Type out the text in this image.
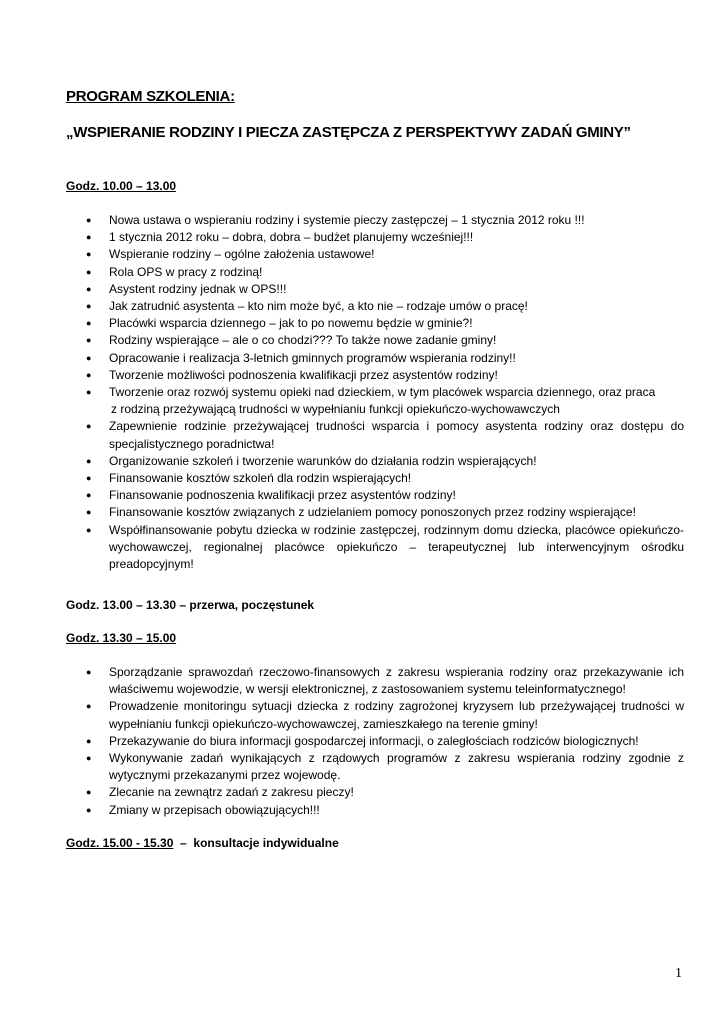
PROGRAM SZKOLENIA:
„WSPIERANIE RODZINY I PIECZA ZASTĘPCZA Z PERSPEKTYWY ZADAŃ GMINY”
Godz. 10.00 – 13.00
● Nowa ustawa o wspieraniu rodziny i systemie pieczy zastępczej – 1 stycznia 2012 roku !!!
● 1 stycznia 2012 roku – dobra, dobra – budżet planujemy wcześniej!!!
● Wspieranie rodziny – ogólne założenia ustawowe!
● Rola OPS w pracy z rodziną!
● Asystent rodziny jednak w OPS!!!
● Jak zatrudnić asystenta – kto nim może być, a kto nie – rodzaje umów o pracę!
● Placówki wsparcia dziennego – jak to po nowemu będzie w gminie?!
● Rodziny wspierające – ale o co chodzi??? To także nowe zadanie gminy!
● Opracowanie i realizacja 3-letnich gminnych programów wspierania rodziny!!
● Tworzenie możliwości podnoszenia kwalifikacji przez asystentów rodziny!
● Tworzenie oraz rozwój systemu opieki nad dzieckiem, w tym placówek wsparcia dziennego, oraz praca
z rodziną przeżywającą trudności w wypełnianiu funkcji opiekuńczo-wychowawczych
● Zapewnienie rodzinie przeżywającej trudności wsparcia i pomocy asystenta rodziny oraz dostępu do specjalistycznego poradnictwa!
● Organizowanie szkoleń i tworzenie warunków do działania rodzin wspierających!
● Finansowanie kosztów szkoleń dla rodzin wspierających!
● Finansowanie podnoszenia kwalifikacji przez asystentów rodziny!
● Finansowanie kosztów związanych z udzielaniem pomocy ponoszonych przez rodziny wspierające!
● Współfinansowanie pobytu dziecka w rodzinie zastępczej, rodzinnym domu dziecka, placówce opiekuńczo-wychowawczej, regionalnej placówce opiekuńczo – terapeutycznej lub interwencyjnym ośrodku preadopcyjnym!
Godz. 13.00 – 13.30 – przerwa, poczęstunek
Godz. 13.30 – 15.00
● Sporządzanie sprawozdań rzeczowo-finansowych z zakresu wspierania rodziny oraz przekazywanie ich właściwemu wojewodzie, w wersji elektronicznej, z zastosowaniem systemu teleinformatycznego!
● Prowadzenie monitoringu sytuacji dziecka z rodziny zagrożonej kryzysem lub przeżywającej trudności w wypełnianiu funkcji opiekuńczo-wychowawczej, zamieszkałego na terenie gminy!
● Przekazywanie do biura informacji gospodarczej informacji, o zaległościach rodziców biologicznych!
● Wykonywanie zadań wynikających z rządowych programów z zakresu wspierania rodziny zgodnie z wytycznymi przekazanymi przez wojewodę.
● Zlecanie na zewnątrz zadań z zakresu pieczy!
● Zmiany w przepisach obowiązujących!!!
Godz. 15.00 - 15.30  –  konsultacje indywidualne
1
